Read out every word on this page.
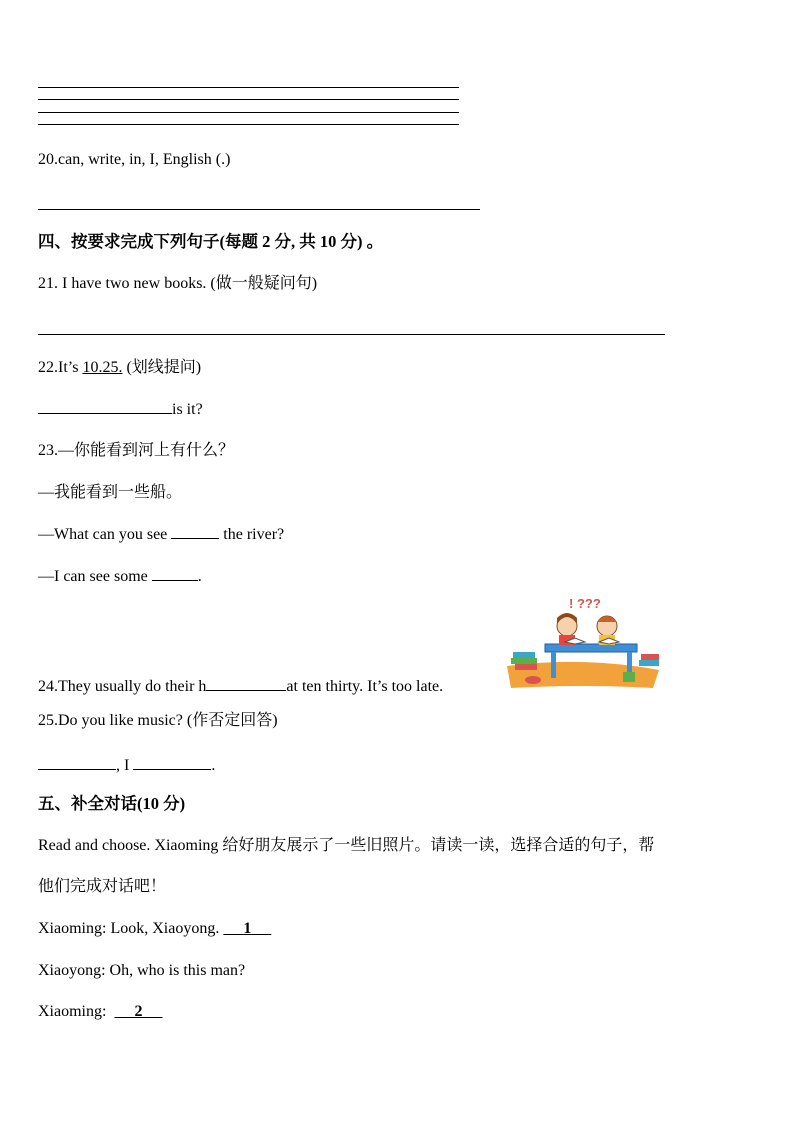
20.can, write, in, I, English (.)
四、按要求完成下列句子(每题 2 分, 共 10 分) 。
21. I have two new books. (做一般疑问句)
22.It’s 10.25. (划线提问)
is it?
23.—你能看到河上有什么？
—我能看到一些船。
—What can you see	the river?
—I can see some	.
! ???
24.They usually do their h	at ten thirty. It’s too late.
25.Do you like music? (作否定回答)
, I	.
五、补全对话(10 分)
Read and choose. Xiaoming 给好朋友展示了一些旧照片。请读一读，选择合适的句子，帮
他们完成对话吧！
Xiaoming: Look, Xiaoyong.      1
Xiaoyong: Oh, who is this man?
Xiaoming: 2
